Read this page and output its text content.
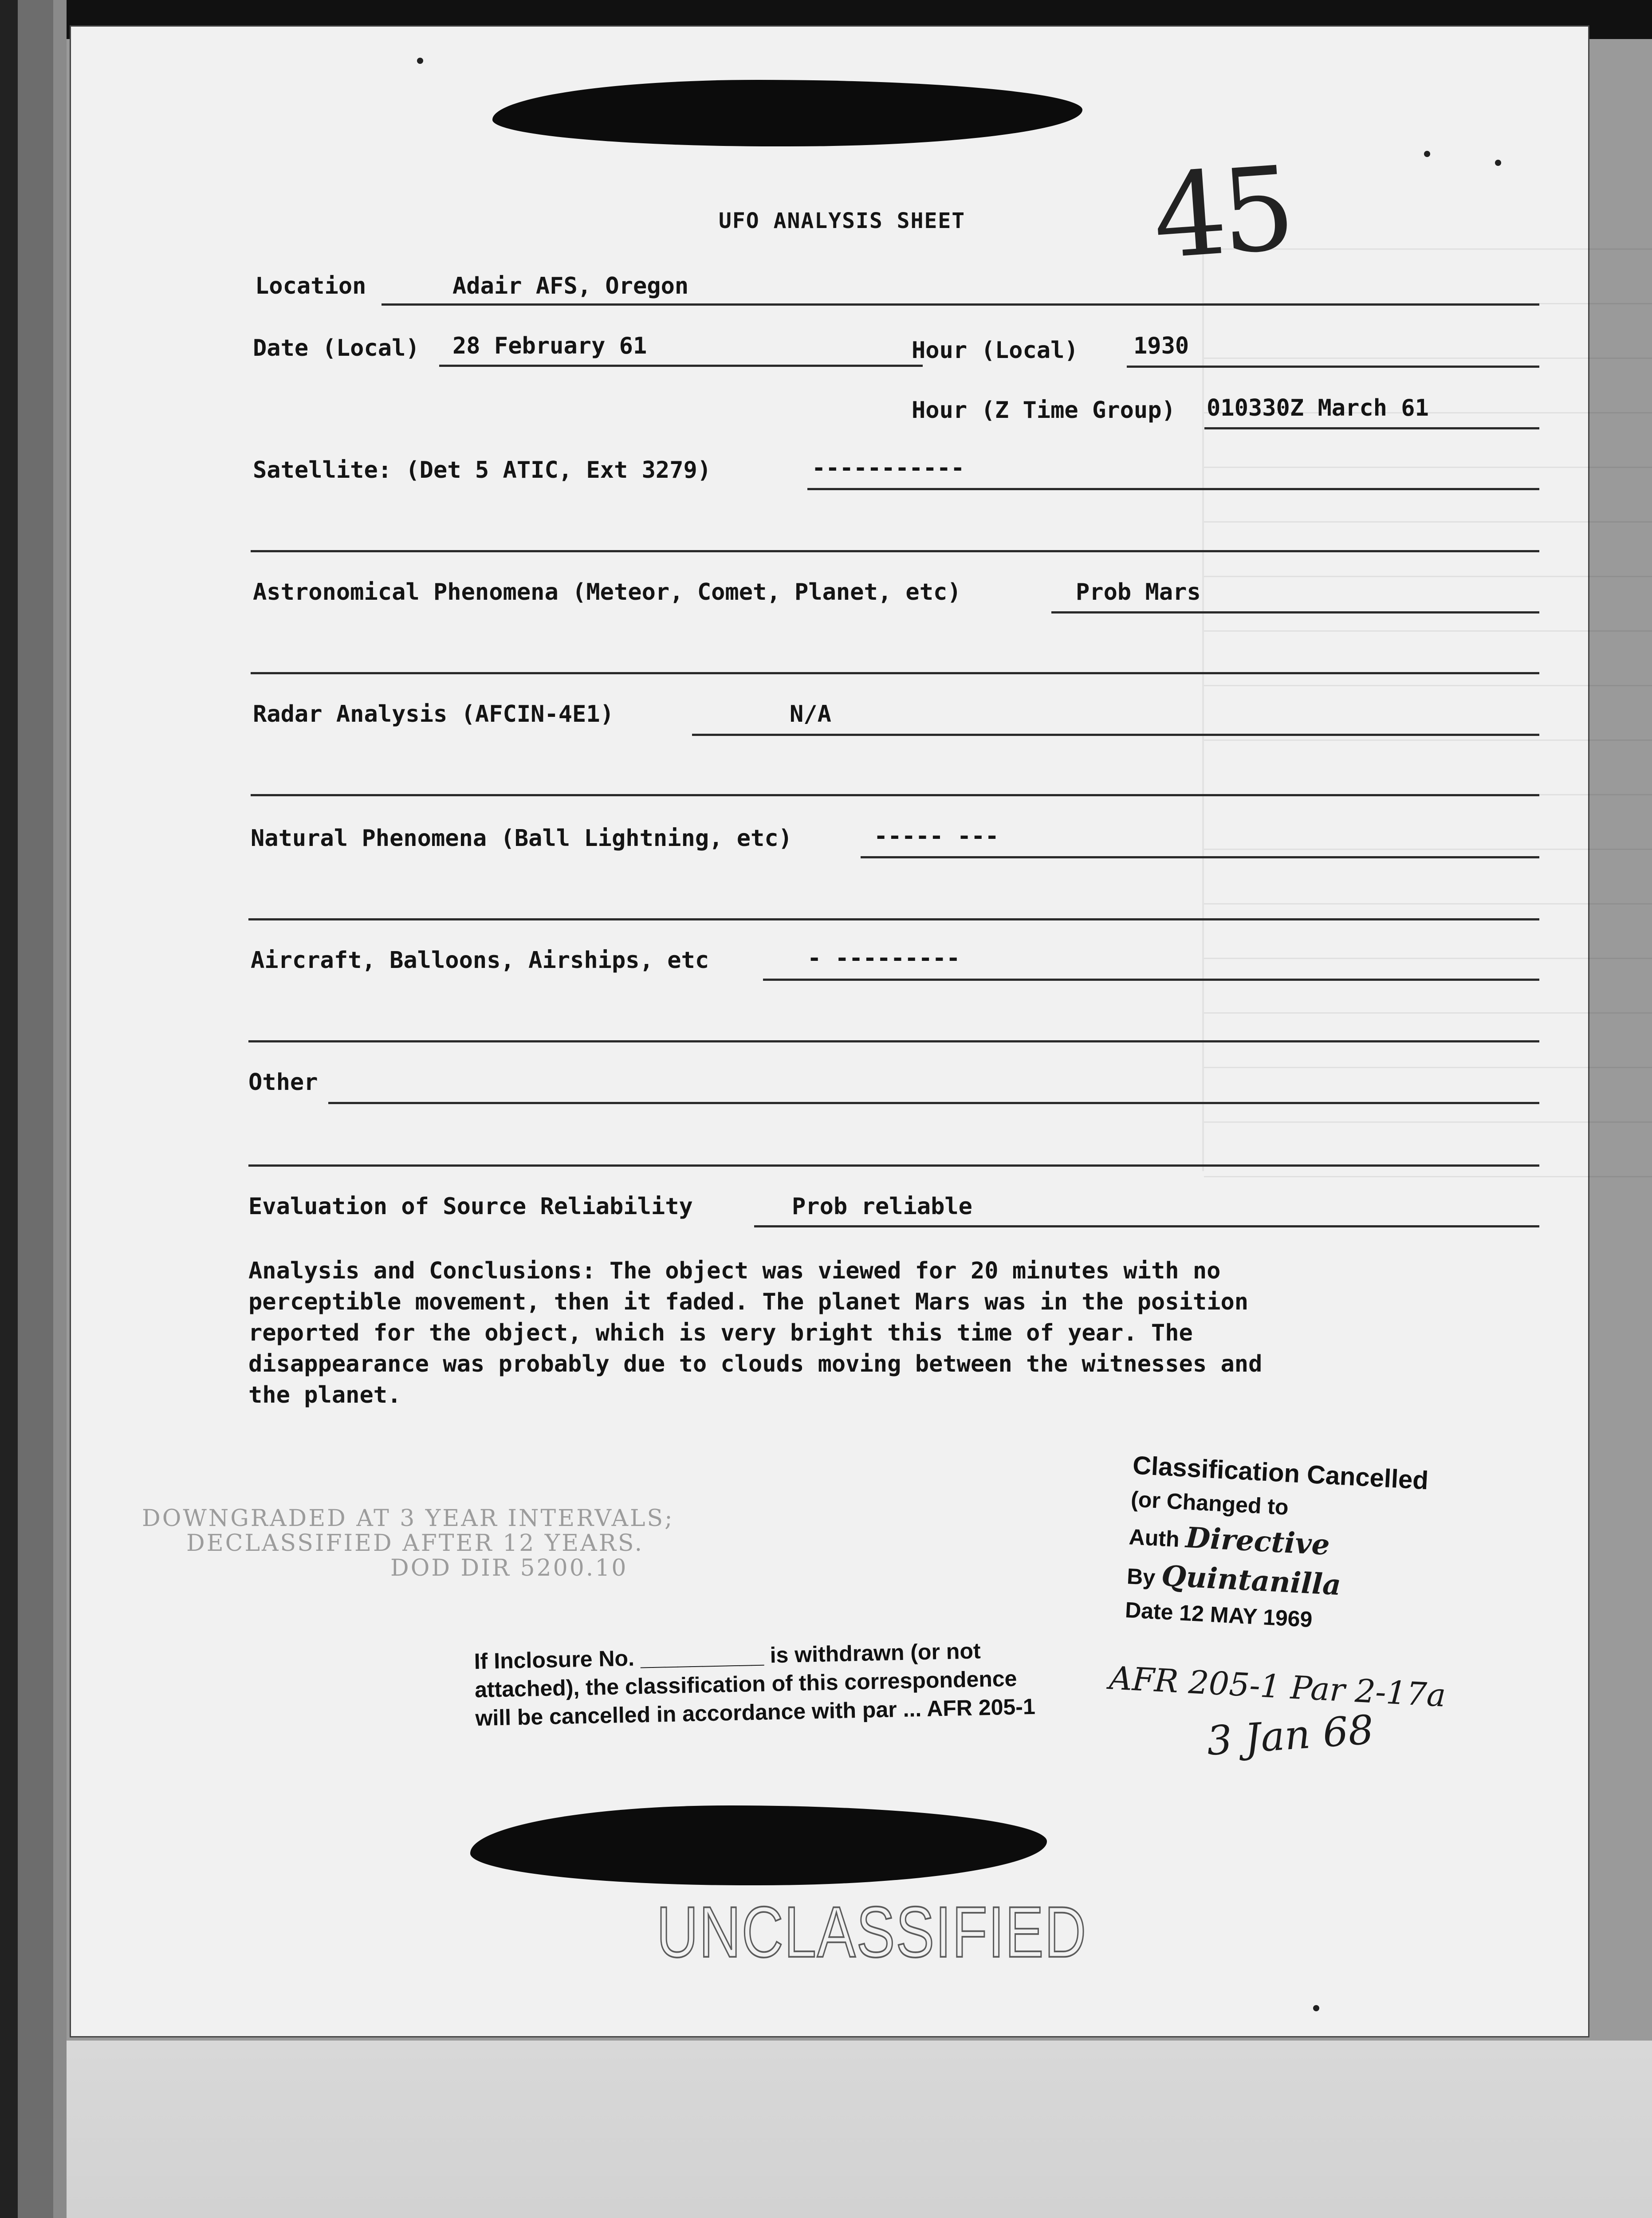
UFO ANALYSIS SHEET 45
Location	Adair AFS, Oregon
Date (Local) 28 February 61	Hour (Local) 1930
Hour (Z Time Group) 010330Z March 61
Satellite: (Det 5 ATIC, Ext 3279)	-----------
Astronomical Phenomena (Meteor, Comet, Planet, etc)	Prob Mars
Radar Analysis (AFCIN-4E1)	N/A
Natural Phenomena (Ball Lightning, etc)	----- ---
Aircraft, Balloons, Airships, etc	- ---------
Other
Evaluation of Source Reliability	Prob reliable

Analysis and Conclusions: The object was viewed for 20 minutes with no

perceptible movement, then it faded. The planet Mars was in the position

reported for the object, which is very bright this time of year. The

disappearance was probably due to clouds moving between the witnesses and

the planet.

DOWNGRADED AT 3 YEAR INTERVALS;

DECLASSIFIED AFTER 12 YEARS.

DOD DIR 5200.10

If Inclosure No. __________ is withdrawn (or not

attached), the classification of this correspondence

will be cancelled in accordance with par ... AFR 205-1

Classification Cancelled
(or Changed to
Auth Directive
By Quintanilla
Date 12 MAY 1969
AFR 205-1 Par 2-17a
3 Jan 68
UNCLASSIFIED
